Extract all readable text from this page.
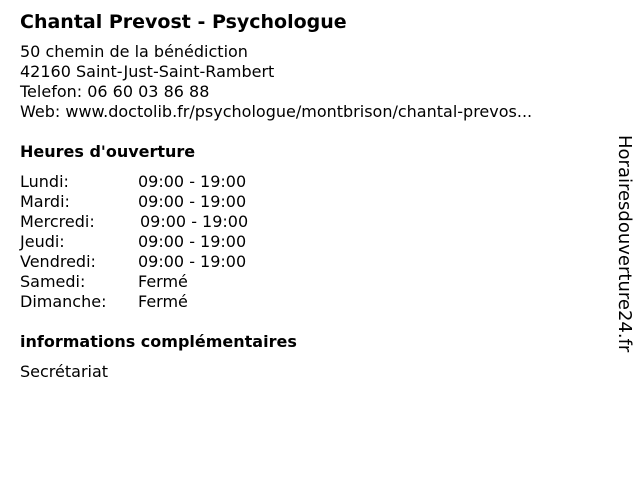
Chantal Prevost - Psychologue
50 chemin de la bénédiction
42160 Saint-Just-Saint-Rambert
Telefon: 06 60 03 86 88
Web: www.doctolib.fr/psychologue/montbrison/chantal-prevos...
Heures d'ouverture
Lundi:	09:00 - 19:00
Mardi:	09:00 - 19:00
Mercredi:	09:00 - 19:00
Jeudi:	09:00 - 19:00
Vendredi:	09:00 - 19:00
Samedi:	Fermé
Dimanche: Fermé
informations complémentaires
Secrétariat
Horairesdouverture24.fr
